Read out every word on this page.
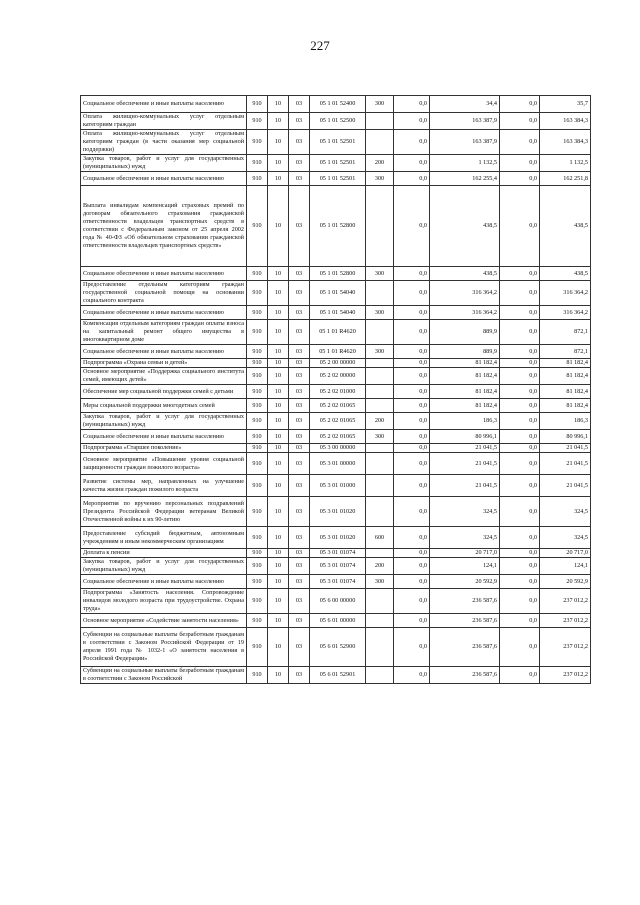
227
Социальное обеспечение и иные выплаты населению	910	10	03	05 1 01 52400	300	0,0	34,4	0,0	35,7
Оплата жилищно-коммунальных услуг отдельным категориям граждан	910	10	03	05 1 01 52500		0,0	163 387,9	0,0	163 384,3
Оплата жилищно-коммунальных услуг отдельным категориям граждан (в части оказания мер социальной поддержки)	910	10	03	05 1 01 52501		0,0	163 387,9	0,0	163 384,3
Закупка товаров, работ и услуг для государственных (муниципальных) нужд	910	10	03	05 1 01 52501	200	0,0	1 132,5	0,0	1 132,5
Социальное обеспечение и иные выплаты населению	910	10	03	05 1 01 52501	300	0,0	162 255,4	0,0	162 251,8
Выплата инвалидам компенсаций страховых премий по договорам обязательного страхования гражданской ответственности владельцев транспортных средств в соответствии с Федеральным законом от 25 апреля 2002 года № 40-ФЗ «Об обязательном страховании гражданской ответственности владельцев транспортных средств»	910	10	03	05 1 01 52800		0,0	438,5	0,0	438,5
Социальное обеспечение и иные выплаты населению	910	10	03	05 1 01 52800	300	0,0	438,5	0,0	438,5
Предоставление отдельным категориям граждан государственной социальной помощи на основании социального контракта	910	10	03	05 1 01 54040		0,0	316 364,2	0,0	316 364,2
Социальное обеспечение и иные выплаты населению	910	10	03	05 1 01 54040	300	0,0	316 364,2	0,0	316 364,2
Компенсация отдельным категориям граждан оплаты взноса на капитальный ремонт общего имущества в многоквартирном доме	910	10	03	05 1 01 R4620		0,0	889,9	0,0	872,1
Социальное обеспечение и иные выплаты населению	910	10	03	05 1 01 R4620	300	0,0	889,9	0,0	872,1
Подпрограмма «Охрана семьи и детей»	910	10	03	05 2 00 00000		0,0	81 182,4	0,0	81 182,4
Основное мероприятие «Поддержка социального института семей, имеющих детей»	910	10	03	05 2 02 00000		0,0	81 182,4	0,0	81 182,4
Обеспечение мер социальной поддержки семей с детьми	910	10	03	05 2 02 01000		0,0	81 182,4	0,0	81 182,4
Меры социальной поддержки многодетных семей	910	10	03	05 2 02 01065		0,0	81 182,4	0,0	81 182,4
Закупка товаров, работ и услуг для государственных (муниципальных) нужд	910	10	03	05 2 02 01065	200	0,0	186,3	0,0	186,3
Социальное обеспечение и иные выплаты населению	910	10	03	05 2 02 01065	300	0,0	80 996,1	0,0	80 996,1
Подпрограмма «Старшее поколение»	910	10	03	05 3 00 00000		0,0	21 041,5	0,0	21 041,5
Основное мероприятие «Повышение уровня социальной защищенности граждан пожилого возраста»	910	10	03	05 3 01 00000		0,0	21 041,5	0,0	21 041,5
Развитие системы мер, направленных на улучшение качества жизни граждан пожилого возраста	910	10	03	05 3 01 01000		0,0	21 041,5	0,0	21 041,5
Мероприятия по вручению персональных поздравлений Президента Российской Федерации ветеранам Великой Отечественной войны к их 90-летию	910	10	03	05 3 01 01020		0,0	324,5	0,0	324,5
Предоставление субсидий бюджетным, автономным учреждениям и иным некоммерческим организациям	910	10	03	05 3 01 01020	600	0,0	324,5	0,0	324,5
Доплата к пенсии	910	10	03	05 3 01 01074		0,0	20 717,0	0,0	20 717,0
Закупка товаров, работ и услуг для государственных (муниципальных) нужд	910	10	03	05 3 01 01074	200	0,0	124,1	0,0	124,1
Социальное обеспечение и иные выплаты населению	910	10	03	05 3 01 01074	300	0,0	20 592,9	0,0	20 592,9
Подпрограмма «Занятость населения. Сопровождение инвалидов молодого возраста при трудоустройстве. Охрана труда»	910	10	03	05 6 00 00000		0,0	236 587,6	0,0	237 012,2
Основное мероприятие «Содействие занятости населения»	910	10	03	05 6 01 00000		0,0	236 587,6	0,0	237 012,2
Субвенции на социальные выплаты безработным гражданам в соответствии с Законом Российской Федерации от 19 апреля 1991 года № 1032-1 «О занятости населения в Российской Федерации»	910	10	03	05 6 01 52900		0,0	236 587,6	0,0	237 012,2
Субвенции на социальные выплаты безработным гражданам в соответствии с Законом Российской	910	10	03	05 6 01 52901		0,0	236 587,6	0,0	237 012,2
